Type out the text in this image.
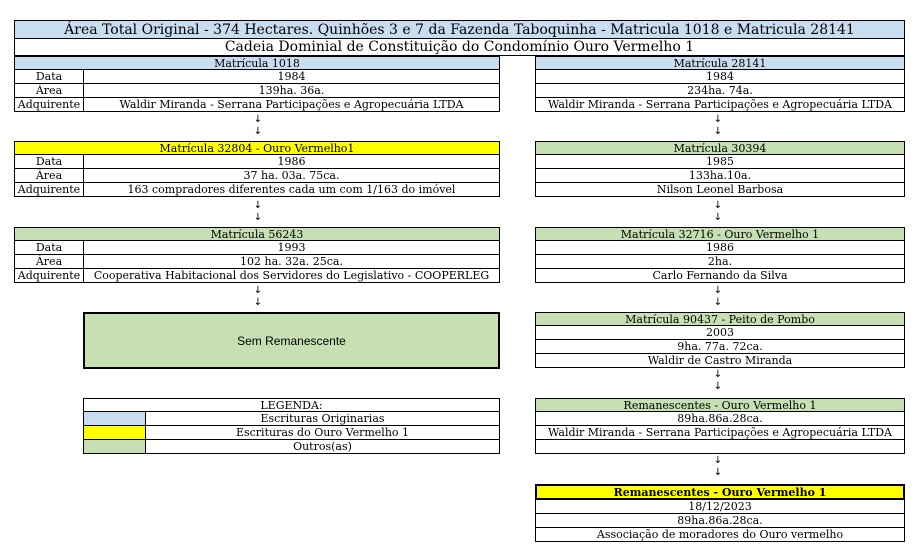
Área Total Original - 374 Hectares. Quinhões 3 e 7 da Fazenda Taboquinha - Matricula 1018 e Matricula 28141
Cadeia Dominial de Constituição do Condomínio Ouro Vermelho 1
Matrícula 1018
Data	1984
Área	139ha. 36a.
Adquirente	Waldir Miranda - Serrana Participações e Agropecuária LTDA
↓
↓
Matrícula 32804 - Ouro Vermelho1
Data	1986
Área	37 ha. 03a. 75ca.
Adquirente	163 compradores diferentes cada um com 1/163 do imóvel
↓
↓
Matrícula 56243
Data	1993
Área	102 ha. 32a. 25ca.
Adquirente	Cooperativa Habitacional dos Servidores do Legislativo - COOPERLEG
↓
↓
Sem Remanescente
LEGENDA:
Escrituras Originarias
Escrituras do Ouro Vermelho 1
Outros(as)
Matrícula 28141
1984
234ha. 74a.
Waldir Miranda - Serrana Participações e Agropecuária LTDA
↓
↓
Matrícula 30394
1985
133ha.10a.
Nilson Leonel Barbosa
↓
↓
Matrícula 32716 - Ouro Vermelho 1
1986
2ha.
Carlo Fernando da Silva
↓
↓
Matrícula 90437 - Peito de Pombo
2003
9ha. 77a. 72ca.
Waldir de Castro Miranda
↓
↓
Remanescentes - Ouro Vermelho 1
89ha.86a.28ca.
Waldir Miranda - Serrana Participações e Agropecuária LTDA
↓
↓
Remanescentes - Ouro Vermelho 1
18/12/2023
89ha.86a.28ca.
Associação de moradores do Ouro vermelho
